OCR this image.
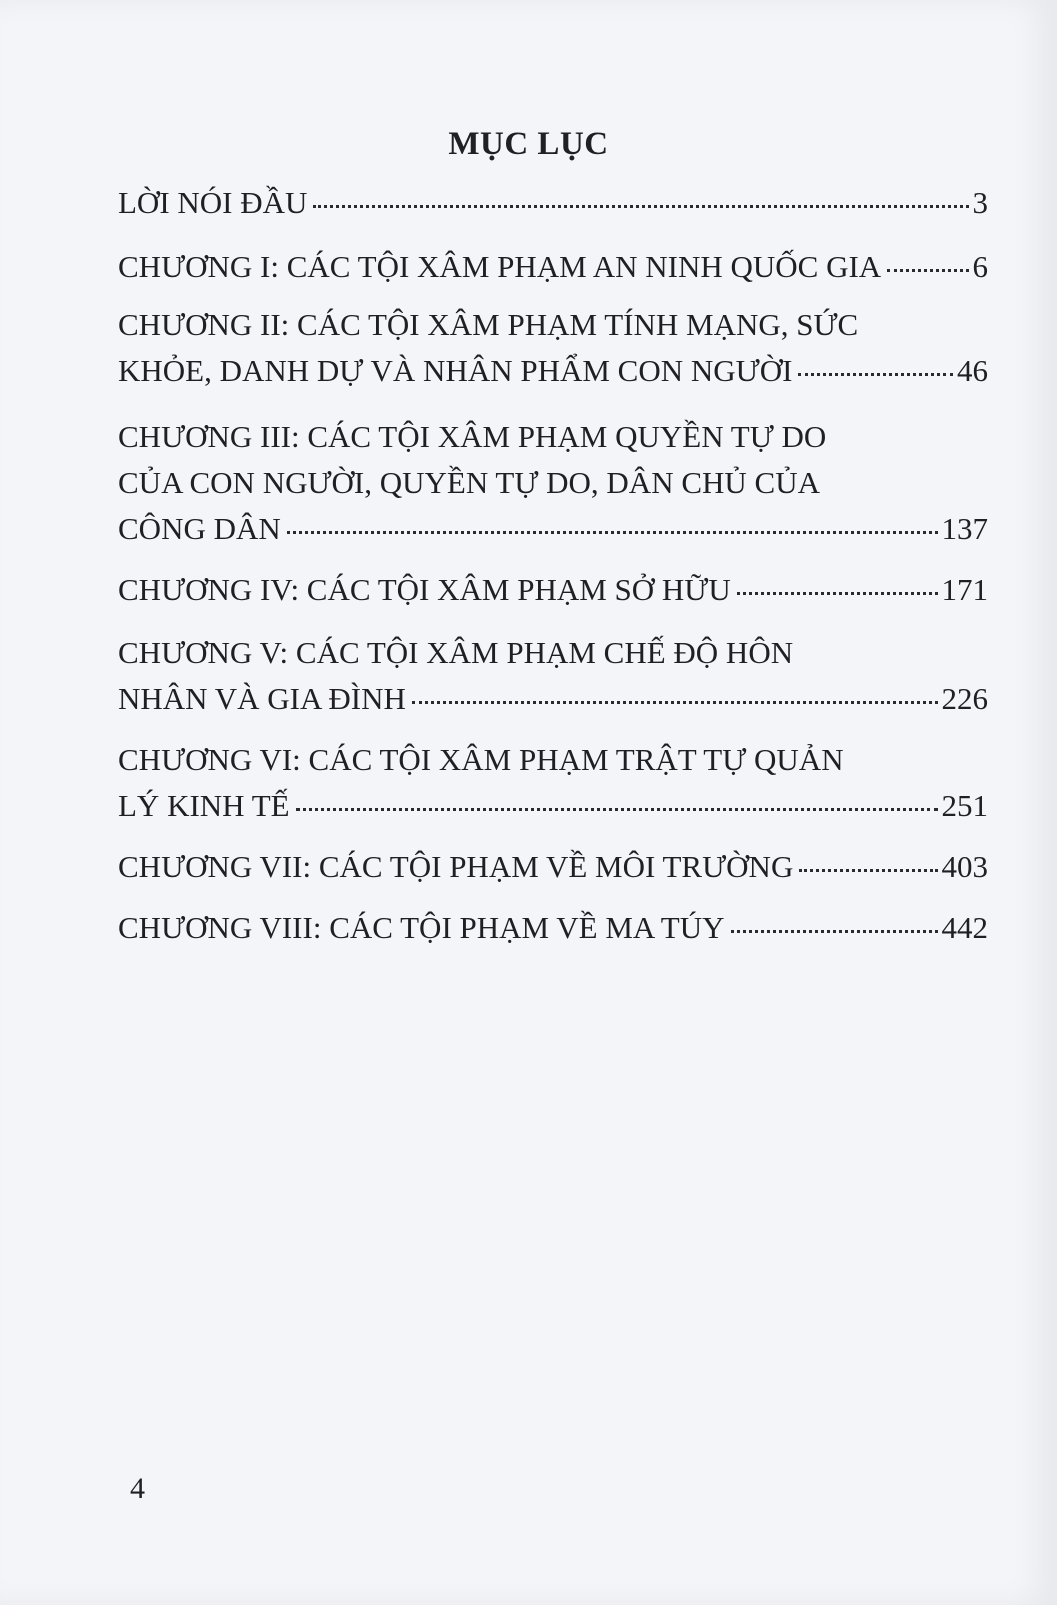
MỤC LỤC
LỜI NÓI ĐẦU	3
CHƯƠNG I: CÁC TỘI XÂM PHẠM AN NINH QUỐC GIA	6
CHƯƠNG II: CÁC TỘI XÂM PHẠM TÍNH MẠNG, SỨC
KHỎE, DANH DỰ VÀ NHÂN PHẨM CON NGƯỜI	46
CHƯƠNG III: CÁC TỘI XÂM PHẠM QUYỀN TỰ DO
CỦA CON NGƯỜI, QUYỀN TỰ DO, DÂN CHỦ CỦA
CÔNG DÂN	137
CHƯƠNG IV: CÁC TỘI XÂM PHẠM SỞ HỮU	171
CHƯƠNG V: CÁC TỘI XÂM PHẠM CHẾ ĐỘ HÔN
NHÂN VÀ GIA ĐÌNH	226
CHƯƠNG VI: CÁC TỘI XÂM PHẠM TRẬT TỰ QUẢN
LÝ KINH TẾ	251
CHƯƠNG VII: CÁC TỘI PHẠM VỀ MÔI TRƯỜNG	403
CHƯƠNG VIII: CÁC TỘI PHẠM VỀ MA TÚY	442
4
